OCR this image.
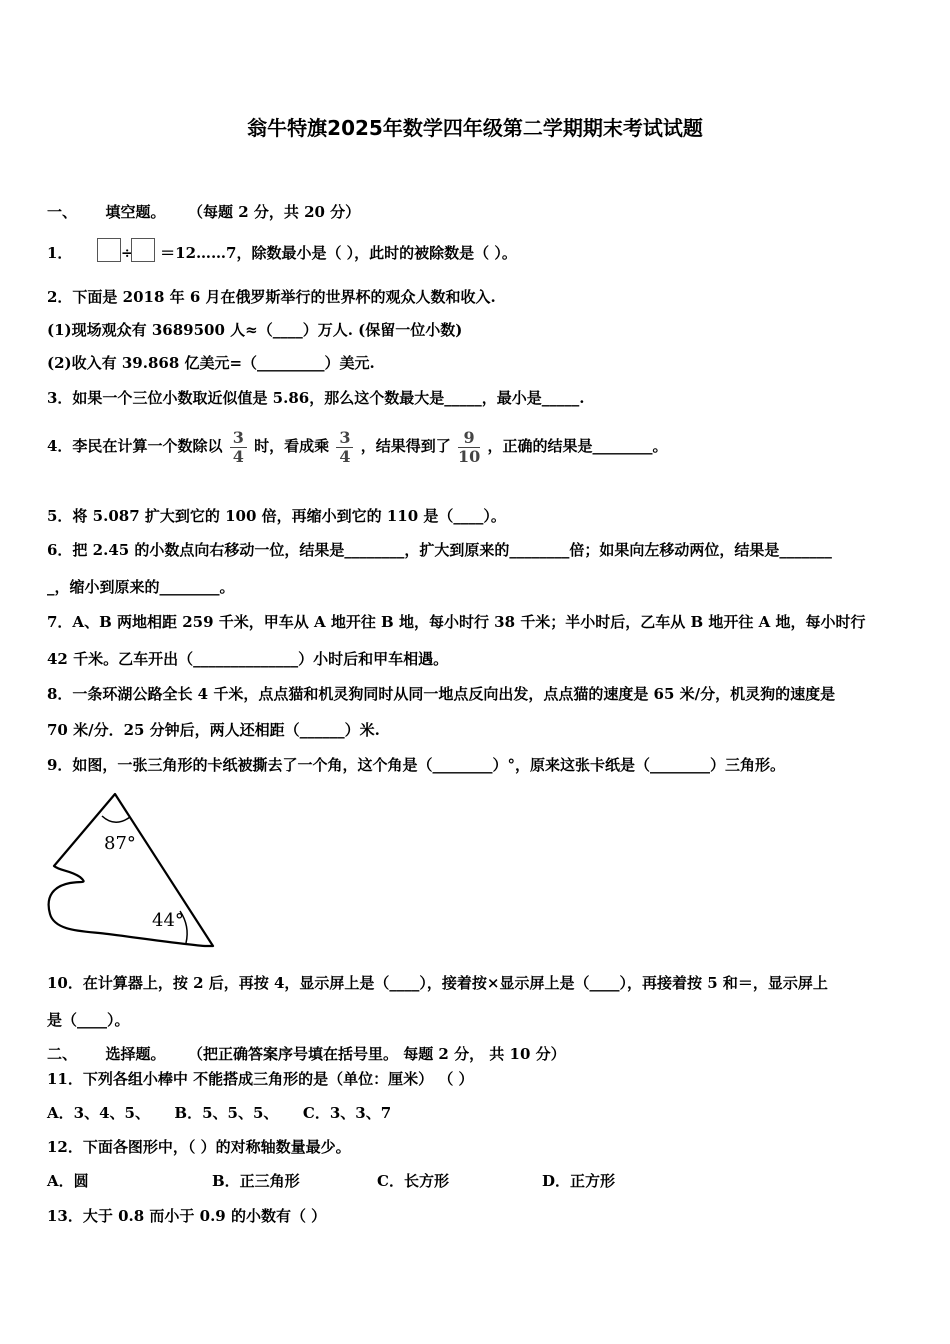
翁牛特旗2025年数学四年级第二学期期末考试试题
一、 填空题。 （每题 2 分，共 20 分）
1．	÷ ＝12……7，除数最小是（ ），此时的被除数是（ ）。
2．下面是 2018 年 6 月在俄罗斯举行的世界杯的观众人数和收入.
(1)现场观众有 3689500 人≈（____）万人. (保留一位小数)
(2)收入有 39.868 亿美元=（_________）美元.
3．如果一个三位小数取近似值是 5.86，那么这个数最大是_____，最小是_____.
4．李民在计算一个数除以 $\frac{3}{4}$ 时，看成乘 $\frac{3}{4}$ ，结果得到了 $\frac{9}{10}$ ，正确的结果是________。
5．将 5.087 扩大到它的 100 倍，再缩小到它的 110 是（____）。
6．把 2.45 的小数点向右移动一位，结果是________，扩大到原来的________倍；如果向左移动两位，结果是_______
_，缩小到原来的________。
7．A、B 两地相距 259 千米，甲车从 A 地开往 B 地，每小时行 38 千米；半小时后，乙车从 B 地开往 A 地，每小时行
42 千米。乙车开出（______________）小时后和甲车相遇。
8．一条环湖公路全长 4 千米，点点猫和机灵狗同时从同一地点反向出发，点点猫的速度是 65 米/分，机灵狗的速度是
70 米/分．25 分钟后，两人还相距（______）米.
9．如图，一张三角形的卡纸被撕去了一个角，这个角是（________）°，原来这张卡纸是（________）三角形。
87°
44°
10．在计算器上，按 2 后，再按 4，显示屏上是（____），接着按×显示屏上是（____），再接着按 5 和＝，显示屏上
是（____）。
二、 选择题。 （把正确答案序号填在括号里。 每题 2 分， 共 10 分）
11．下列各组小棒中 不能搭成三角形的是（单位：厘米） （ ）
A．3、4、5、 B．5、5、5、 C．3、3、7
12．下面各图形中，（ ）的对称轴数量最少。
A．圆	B．正三角形	C．长方形	D．正方形
13．大于 0.8 而小于 0.9 的小数有（ ）
